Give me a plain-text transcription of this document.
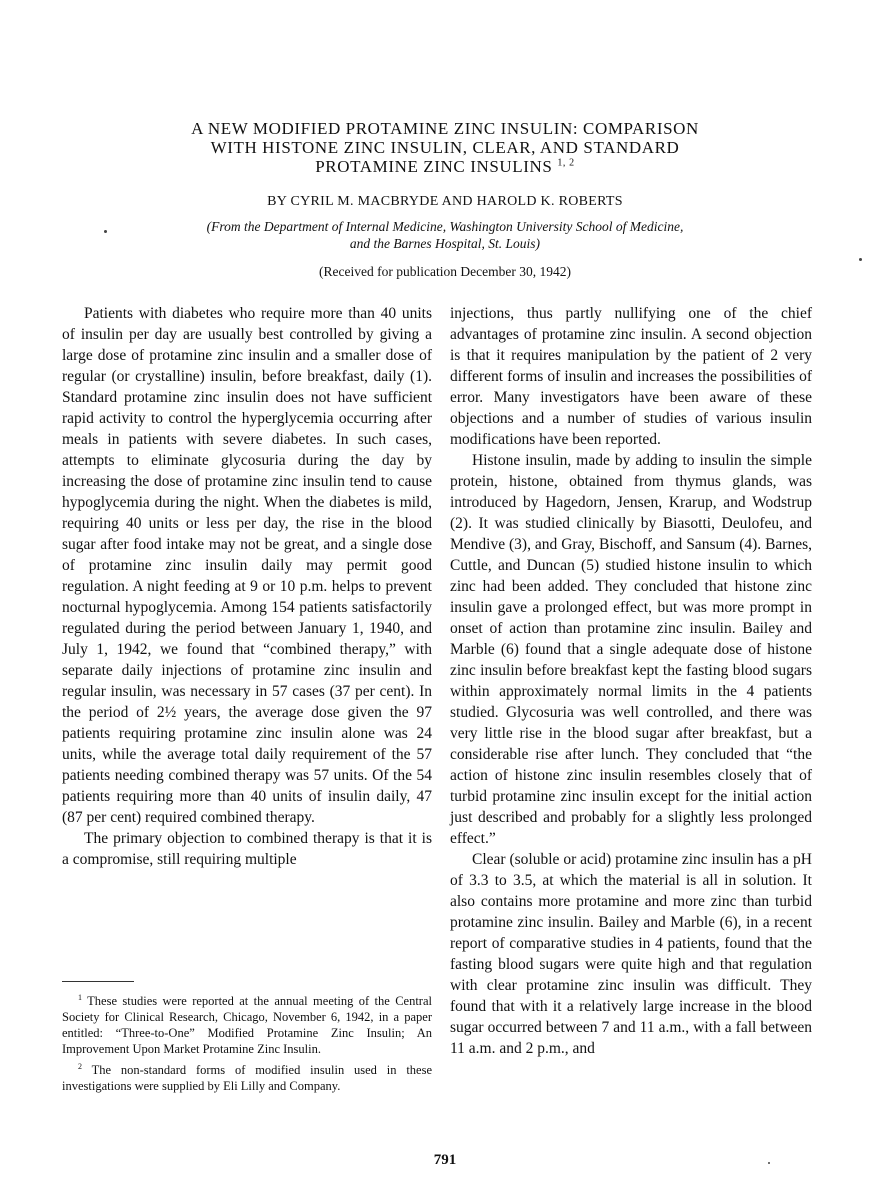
A NEW MODIFIED PROTAMINE ZINC INSULIN: COMPARISON
WITH HISTONE ZINC INSULIN, CLEAR, AND STANDARD
PROTAMINE ZINC INSULINS $^{1, 2}$
BY CYRIL M. MACBRYDE AND HAROLD K. ROBERTS
(From the Department of Internal Medicine, Washington University School of Medicine,
and the Barnes Hospital, St. Louis)
(Received for publication December 30, 1942)

Patients with diabetes who require more than 40 units of insulin per day are usually best controlled by giving a large dose of protamine zinc insulin and a smaller dose of regular (or crystalline) insulin, before breakfast, daily (1). Standard protamine zinc insulin does not have sufficient rapid activity to control the hyperglycemia occurring after meals in patients with severe diabetes. In such cases, attempts to eliminate glycosuria during the day by increasing the dose of protamine zinc insulin tend to cause hypoglycemia during the night. When the diabetes is mild, requiring 40 units or less per day, the rise in the blood sugar after food intake may not be great, and a single dose of protamine zinc insulin daily may permit good regulation. A night feeding at 9 or 10 p.m. helps to prevent nocturnal hypoglycemia. Among 154 patients satisfactorily regulated during the period between January 1, 1940, and July 1, 1942, we found that “combined therapy,” with separate daily injections of protamine zinc insulin and regular insulin, was necessary in 57 cases (37 per cent). In the period of 2½ years, the average dose given the 97 patients requiring protamine zinc insulin alone was 24 units, while the average total daily requirement of the 57 patients needing combined therapy was 57 units. Of the 54 patients requiring more than 40 units of insulin daily, 47 (87 per cent) required combined therapy.

The primary objection to combined therapy is that it is a compromise, still requiring multiple

injections, thus partly nullifying one of the chief advantages of protamine zinc insulin. A second objection is that it requires manipulation by the patient of 2 very different forms of insulin and increases the possibilities of error. Many investigators have been aware of these objections and a number of studies of various insulin modifications have been reported.

Histone insulin, made by adding to insulin the simple protein, histone, obtained from thymus glands, was introduced by Hagedorn, Jensen, Krarup, and Wodstrup (2). It was studied clinically by Biasotti, Deulofeu, and Mendive (3), and Gray, Bischoff, and Sansum (4). Barnes, Cuttle, and Duncan (5) studied histone insulin to which zinc had been added. They concluded that histone zinc insulin gave a prolonged effect, but was more prompt in onset of action than protamine zinc insulin. Bailey and Marble (6) found that a single adequate dose of histone zinc insulin before breakfast kept the fasting blood sugars within approximately normal limits in the 4 patients studied. Glycosuria was well controlled, and there was very little rise in the blood sugar after breakfast, but a considerable rise after lunch. They concluded that “the action of histone zinc insulin resembles closely that of turbid protamine zinc insulin except for the initial action just described and probably for a slightly less prolonged effect.”

Clear (soluble or acid) protamine zinc insulin has a pH of 3.3 to 3.5, at which the material is all in solution. It also contains more protamine and more zinc than turbid protamine zinc insulin. Bailey and Marble (6), in a recent report of comparative studies in 4 patients, found that the fasting blood sugars were quite high and that regulation with clear protamine zinc insulin was difficult. They found that with it a relatively large increase in the blood sugar occurred between 7 and 11 a.m., with a fall between 11 a.m. and 2 p.m., and

$^1$ These studies were reported at the annual meeting of the Central Society for Clinical Research, Chicago, November 6, 1942, in a paper entitled: “Three-to-One” Modified Protamine Zinc Insulin; An Improvement Upon Market Protamine Zinc Insulin.

$^2$ The non-standard forms of modified insulin used in these investigations were supplied by Eli Lilly and Company.

791
